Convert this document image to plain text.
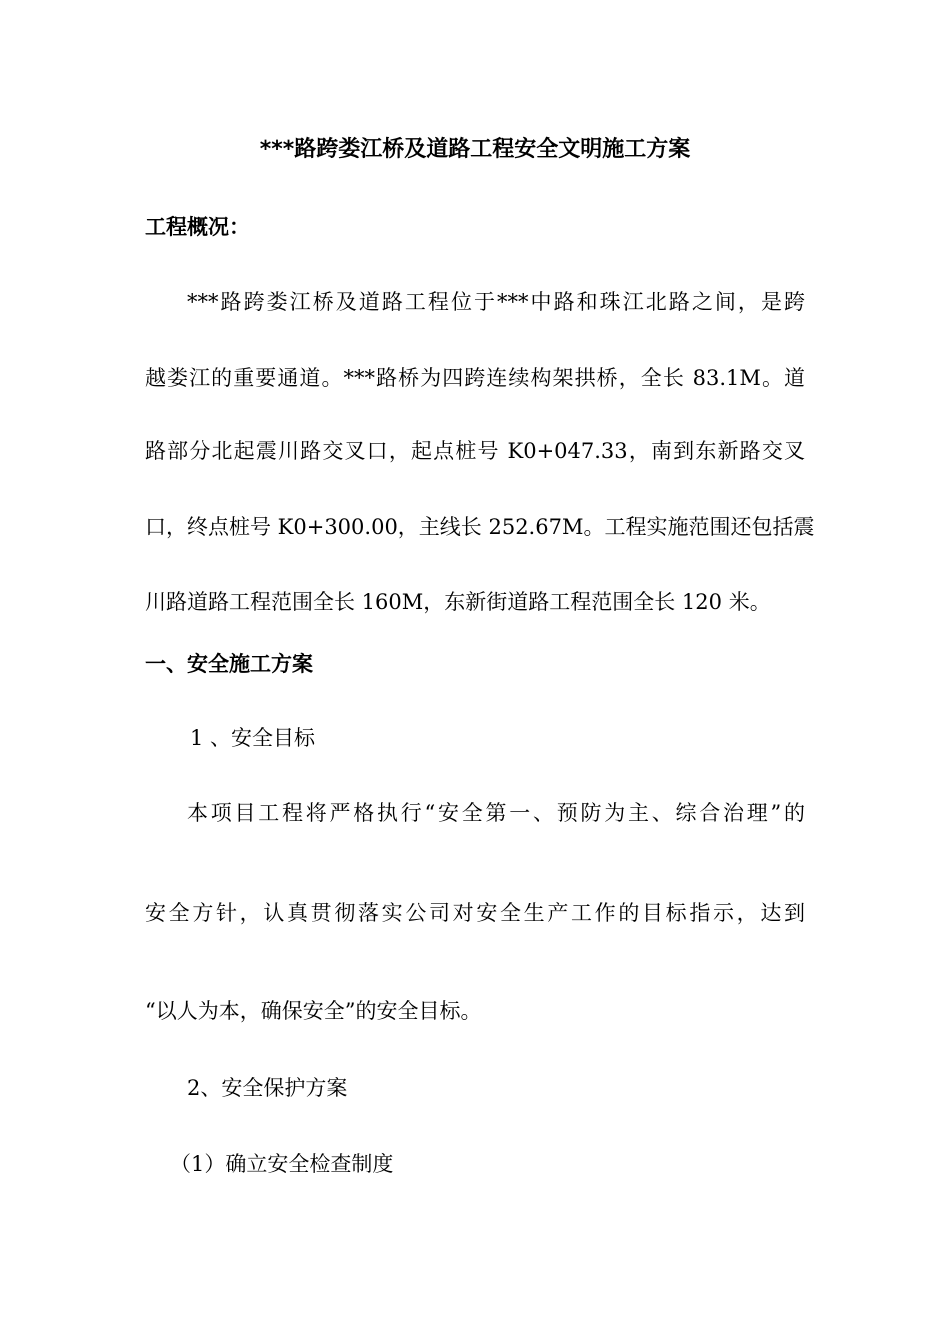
***路跨娄江桥及道路工程安全文明施工方案
工程概况：
***路跨娄江桥及道路工程位于***中路和珠江北路之间，是跨
越娄江的重要通道。***路桥为四跨连续构架拱桥，全长 83.1M。道
路部分北起震川路交叉口，起点桩号 K0+047.33，南到东新路交叉
口，终点桩号 K0+300.00，主线长 252.67M。工程实施范围还包括震
川路道路工程范围全长 160M，东新街道路工程范围全长 120 米。
一、安全施工方案
1 、安全目标
本项目工程将严格执行“安全第一、预防为主、综合治理”的
安全方针，认真贯彻落实公司对安全生产工作的目标指示，达到
“以人为本，确保安全”的安全目标。
2、安全保护方案
（1）确立安全检查制度
